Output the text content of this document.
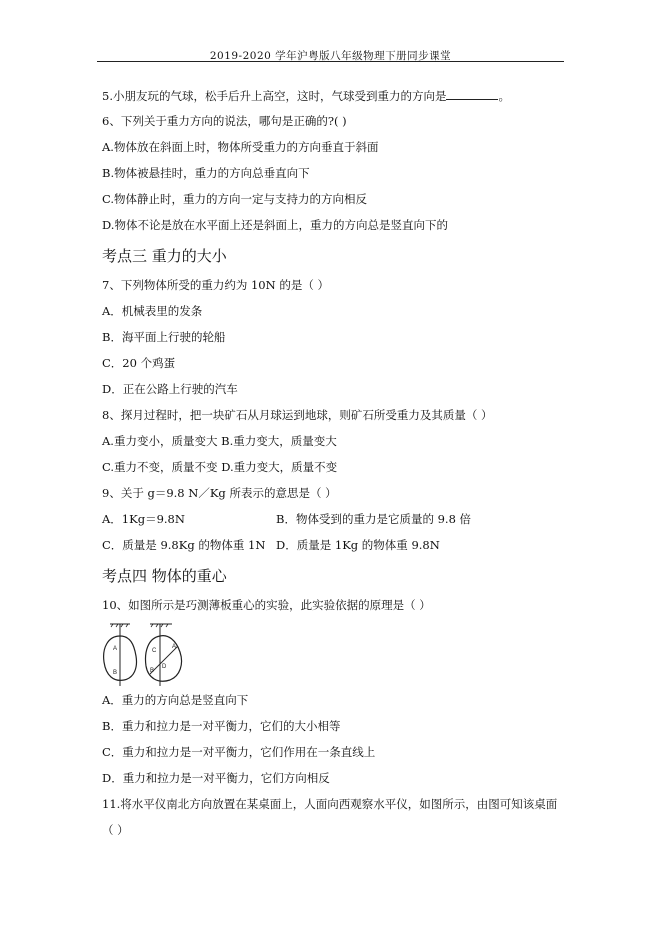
2019-2020 学年沪粤版八年级物理下册同步课堂
5.小朋友玩的气球，松手后升上高空，这时，气球受到重力的方向是	。
6、下列关于重力方向的说法，哪句是正确的?( )
A.物体放在斜面上时，物体所受重力的方向垂直于斜面
B.物体被悬挂时，重力的方向总垂直向下
C.物体静止时，重力的方向一定与支持力的方向相反
D.物体不论是放在水平面上还是斜面上，重力的方向总是竖直向下的
考点三 重力的大小
7、下列物体所受的重力约为 10N 的是（ ）
A．机械表里的发条
B．海平面上行驶的轮船
C．20 个鸡蛋
D．正在公路上行驶的汽车
8、探月过程时，把一块矿石从月球运到地球，则矿石所受重力及其质量（ ）
A.重力变小，质量变大 B.重力变大，质量变大
C.重力不变，质量不变 D.重力变大，质量不变
9、关于 g＝9.8 N／Kg 所表示的意思是（ ）
A．1Kg＝9.8N	B．物体受到的重力是它质量的 9.8 倍
C．质量是 9.8Kg 的物体重 1N D．质量是 1Kg 的物体重 9.8N
考点四 物体的重心
10、如图所示是巧测薄板重心的实验，此实验依据的原理是（ ）
A
B
C
A
B
D
A．重力的方向总是竖直向下
B．重力和拉力是一对平衡力，它们的大小相等
C．重力和拉力是一对平衡力，它们作用在一条直线上
D．重力和拉力是一对平衡力，它们方向相反
11.将水平仪南北方向放置在某桌面上，人面向西观察水平仪，如图所示，由图可知该桌面
（ ）
